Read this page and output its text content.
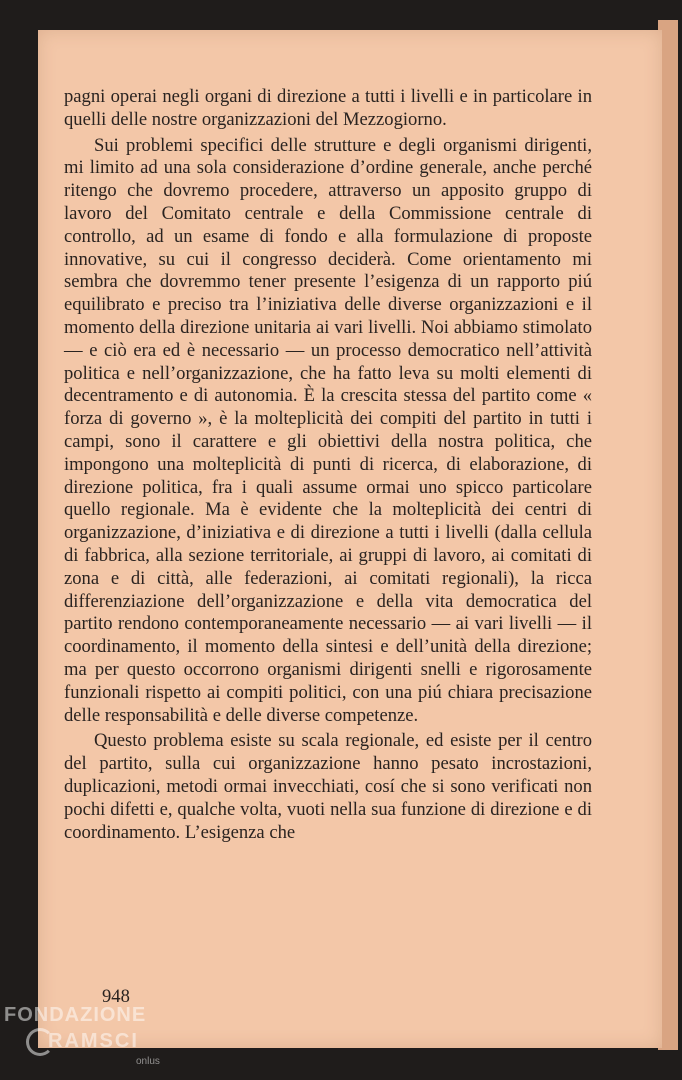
pagni operai negli organi di direzione a tutti i livelli e in particolare in quelli delle nostre organizzazioni del Mezzogiorno.

Sui problemi specifici delle strutture e degli organismi dirigenti, mi limito ad una sola considerazione d’ordine generale, anche perché ritengo che dovremo procedere, attraverso un apposito gruppo di lavoro del Comitato centrale e della Commissione centrale di controllo, ad un esame di fondo e alla formulazione di proposte innovative, su cui il congresso deciderà. Come orientamento mi sembra che dovremmo tener presente l’esigenza di un rapporto piú equilibrato e preciso tra l’iniziativa delle diverse organizzazioni e il momento della direzione unitaria ai vari livelli. Noi abbiamo stimolato — e ciò era ed è necessario — un processo democratico nell’attività politica e nell’organizzazione, che ha fatto leva su molti elementi di decentramento e di autonomia. È la crescita stessa del partito come « forza di governo », è la molteplicità dei compiti del partito in tutti i campi, sono il carattere e gli obiettivi della nostra politica, che impongono una molteplicità di punti di ricerca, di elaborazione, di direzione politica, fra i quali assume ormai uno spicco particolare quello regionale. Ma è evidente che la molteplicità dei centri di organizzazione, d’iniziativa e di direzione a tutti i livelli (dalla cellula di fabbrica, alla sezione territoriale, ai gruppi di lavoro, ai comitati di zona e di città, alle federazioni, ai comitati regionali), la ricca differenziazione dell’organizzazione e della vita democratica del partito rendono contemporaneamente necessario — ai vari livelli — il coordinamento, il momento della sintesi e dell’unità della direzione; ma per questo occorrono organismi dirigenti snelli e rigorosamente funzionali rispetto ai compiti politici, con una piú chiara precisazione delle responsabilità e delle diverse competenze.

Questo problema esiste su scala regionale, ed esiste per il centro del partito, sulla cui organizzazione hanno pesato incrostazioni, duplicazioni, metodi ormai invecchiati, cosí che si sono verificati non pochi difetti e, qualche volta, vuoti nella sua funzione di direzione e di coordinamento. L’esigenza che

948
FONDAZIONE
RAMSCI
onlus
